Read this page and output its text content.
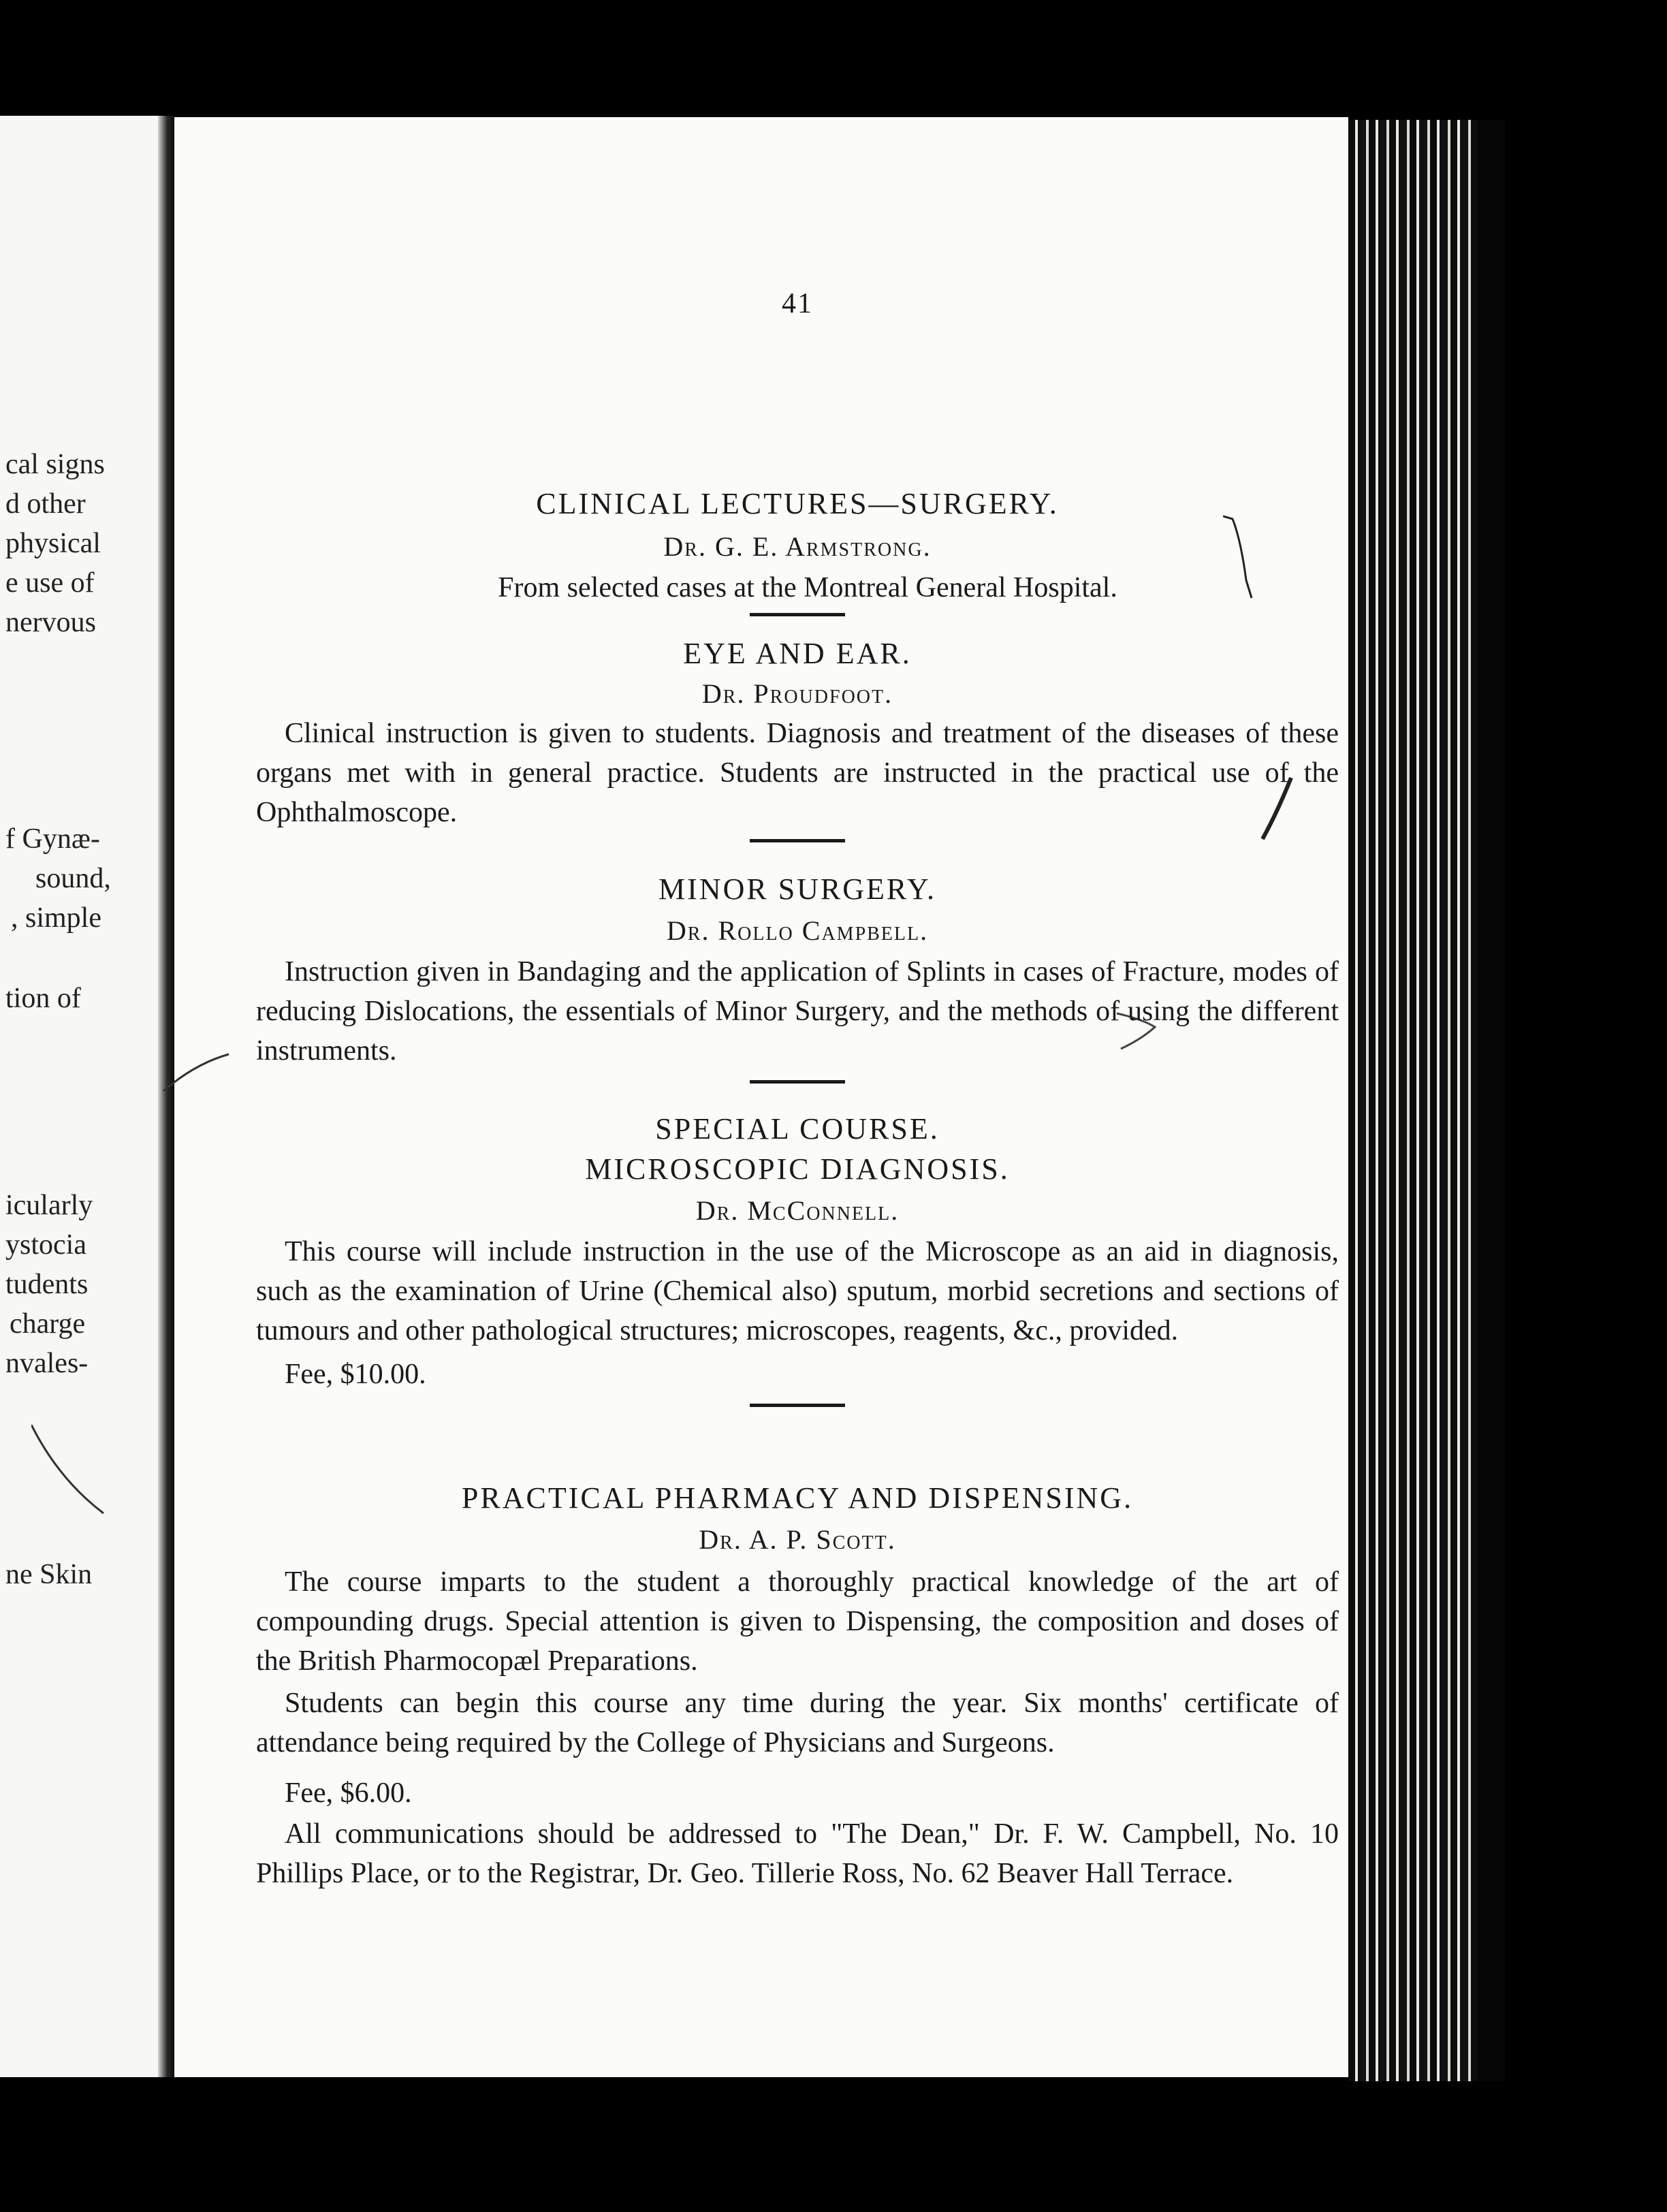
cal signs
d other
physical
e use of
nervous
f Gynæ-
sound,
, simple
tion of
icularly
ystocia
tudents
charge
nvales-
ne Skin
41

CLINICAL LECTURES—SURGERY.

Dr. G. E. Armstrong.

From selected cases at the Montreal General Hospital.

EYE AND EAR.

Dr. Proudfoot.

Clinical instruction is given to students. Diagnosis and treatment of the diseases of these organs met with in general practice. Students are instructed in the practical use of the Ophthalmoscope.

MINOR SURGERY.

Dr. Rollo Campbell.

Instruction given in Bandaging and the application of Splints in cases of Fracture, modes of reducing Dislocations, the essentials of Minor Surgery, and the methods of using the different instruments.

SPECIAL COURSE.

MICROSCOPIC DIAGNOSIS.

Dr. McConnell.

This course will include instruction in the use of the Microscope as an aid in diagnosis, such as the examination of Urine (Chemical also) sputum, morbid secretions and sections of tumours and other pathological structures; microscopes, reagents, &c., provided.

Fee, $10.00.

PRACTICAL PHARMACY AND DISPENSING.

Dr. A. P. Scott.

The course imparts to the student a thoroughly practical knowledge of the art of compounding drugs. Special attention is given to Dispensing, the composition and doses of the British Pharmocopæl Preparations.

Students can begin this course any time during the year. Six months' certificate of attendance being required by the College of Physicians and Surgeons.

Fee, $6.00.

All communications should be addressed to "The Dean," Dr. F. W. Campbell, No. 10 Phillips Place, or to the Registrar, Dr. Geo. Tillerie Ross, No. 62 Beaver Hall Terrace.
